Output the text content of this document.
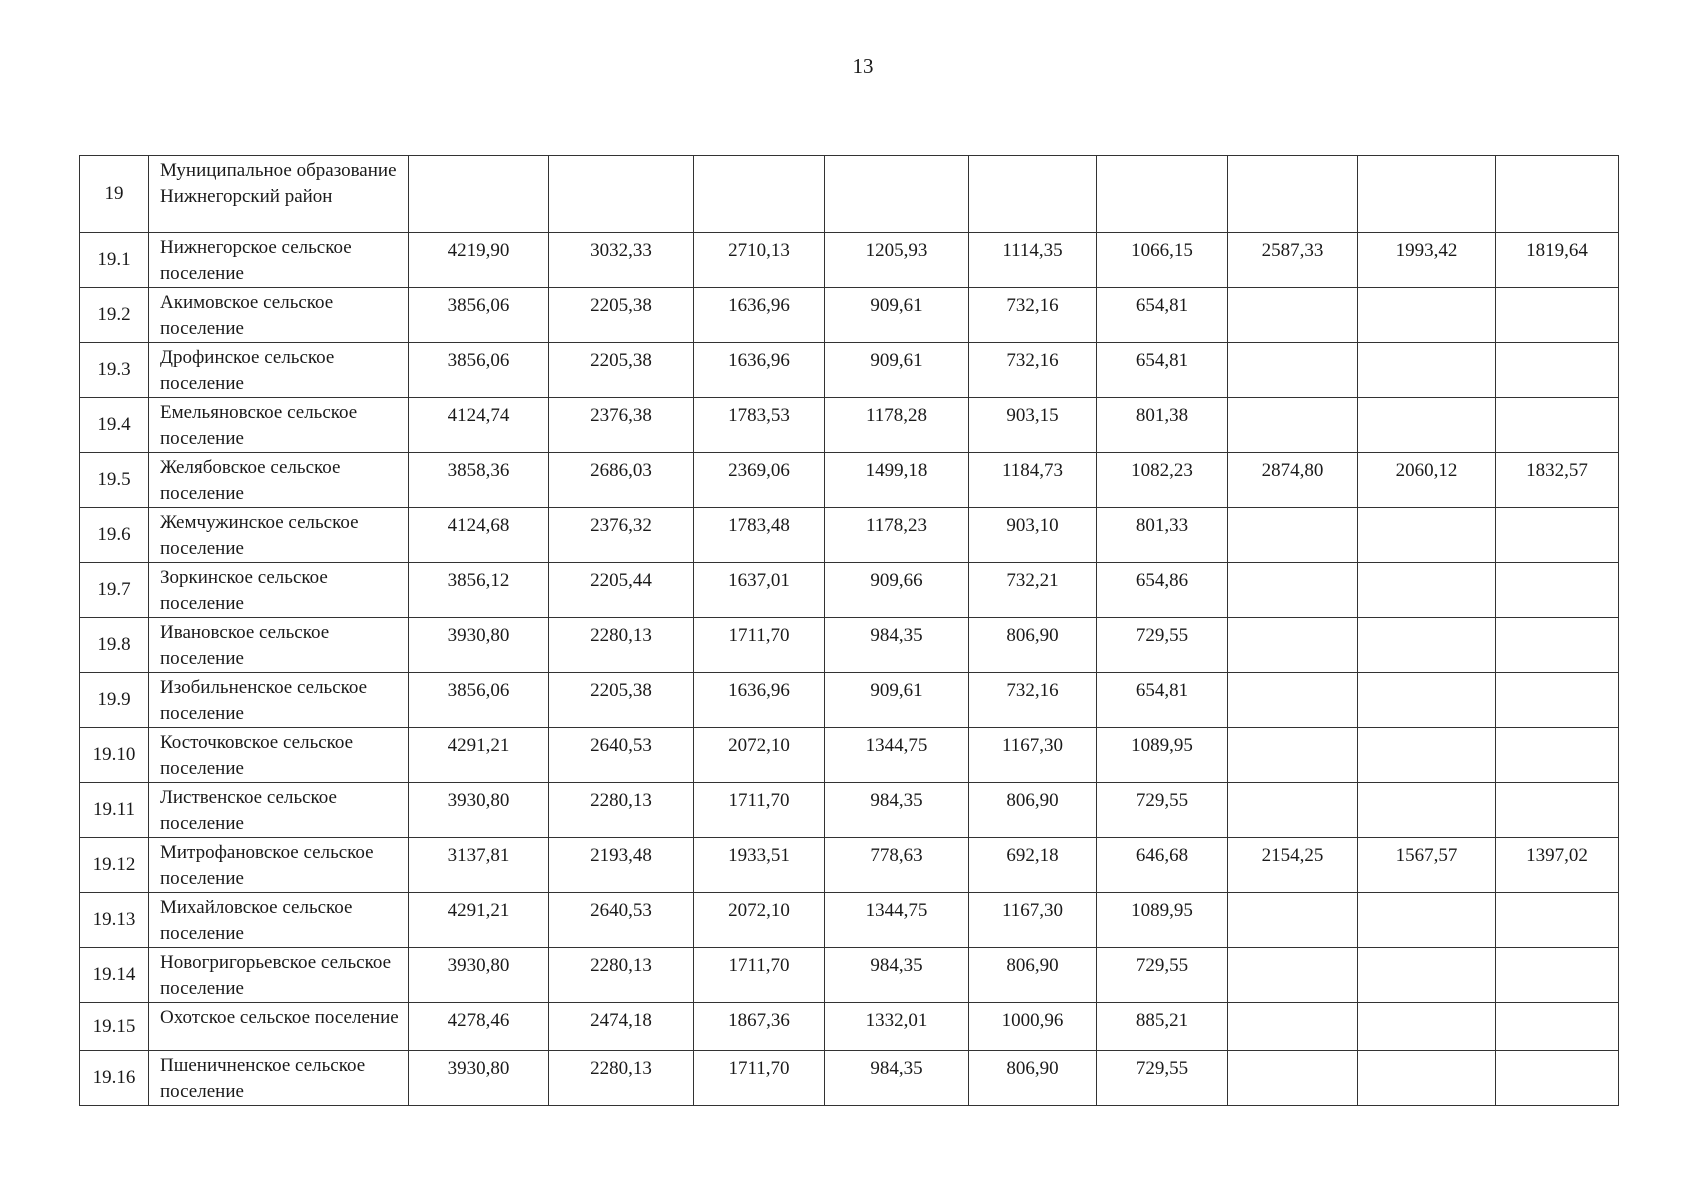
13
19	Муниципальное образование Нижнегорский район									
19.1	Нижнегорское сельское поселение	4219,90	3032,33	2710,13	1205,93	1114,35	1066,15	2587,33	1993,42	1819,64
19.2	Акимовское сельское поселение	3856,06	2205,38	1636,96	909,61	732,16	654,81			
19.3	Дрофинское сельское поселение	3856,06	2205,38	1636,96	909,61	732,16	654,81			
19.4	Емельяновское сельское поселение	4124,74	2376,38	1783,53	1178,28	903,15	801,38			
19.5	Желябовское сельское поселение	3858,36	2686,03	2369,06	1499,18	1184,73	1082,23	2874,80	2060,12	1832,57
19.6	Жемчужинское сельское поселение	4124,68	2376,32	1783,48	1178,23	903,10	801,33			
19.7	Зоркинское сельское поселение	3856,12	2205,44	1637,01	909,66	732,21	654,86			
19.8	Ивановское сельское поселение	3930,80	2280,13	1711,70	984,35	806,90	729,55			
19.9	Изобильненское сельское поселение	3856,06	2205,38	1636,96	909,61	732,16	654,81			
19.10	Косточковское сельское поселение	4291,21	2640,53	2072,10	1344,75	1167,30	1089,95			
19.11	Лиственское сельское поселение	3930,80	2280,13	1711,70	984,35	806,90	729,55			
19.12	Митрофановское сельское поселение	3137,81	2193,48	1933,51	778,63	692,18	646,68	2154,25	1567,57	1397,02
19.13	Михайловское сельское поселение	4291,21	2640,53	2072,10	1344,75	1167,30	1089,95			
19.14	Новогригорьевское сельское поселение	3930,80	2280,13	1711,70	984,35	806,90	729,55			
19.15	Охотское сельское поселение	4278,46	2474,18	1867,36	1332,01	1000,96	885,21			
19.16	Пшеничненское сельское поселение	3930,80	2280,13	1711,70	984,35	806,90	729,55			
